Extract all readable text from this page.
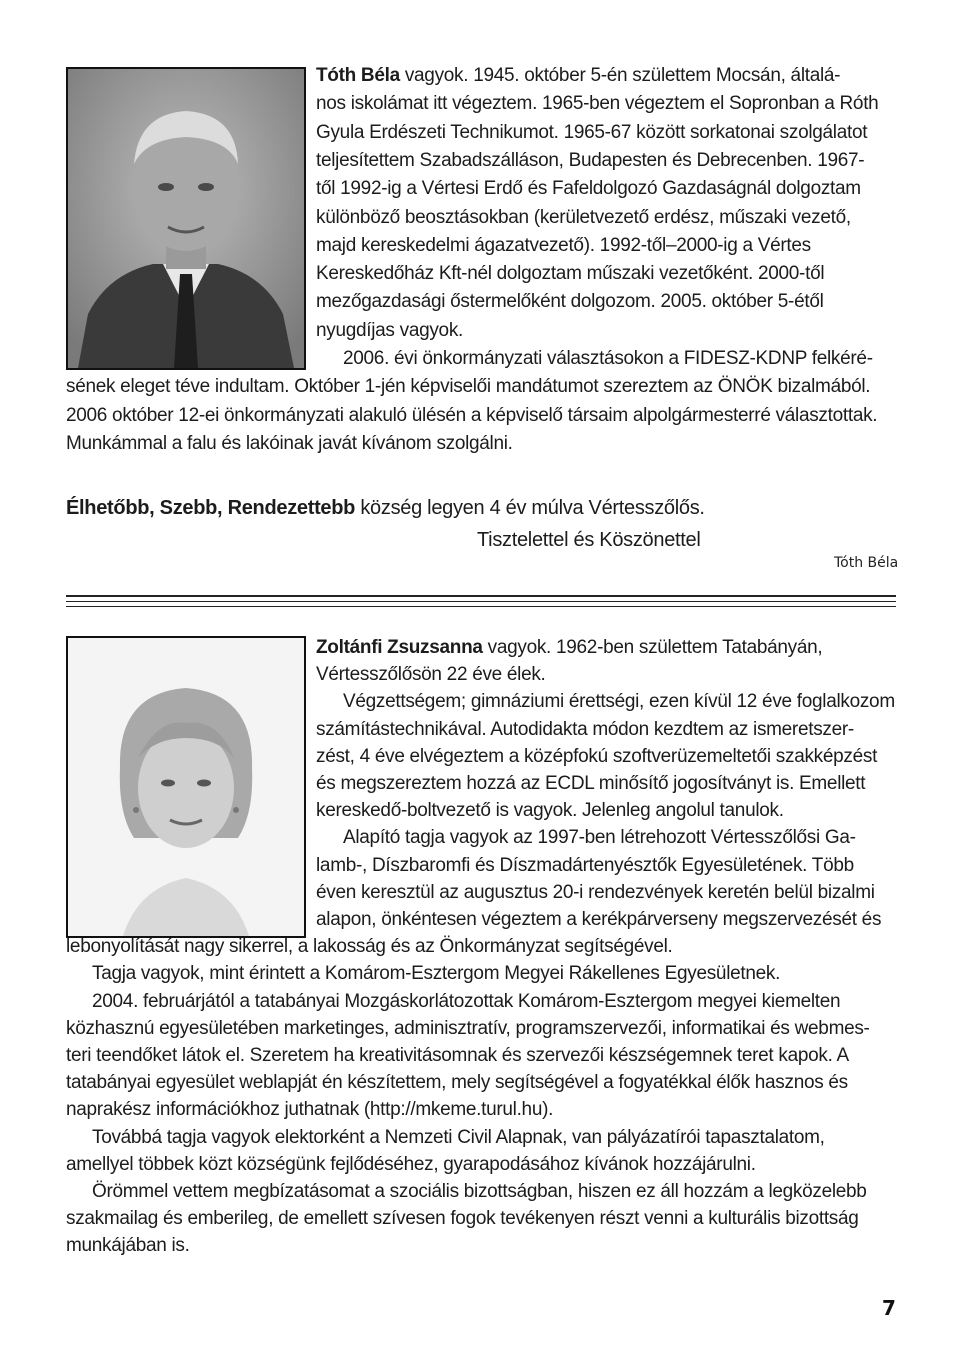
Tóth Béla vagyok. 1945. október 5-én születtem Mocsán, általá-
nos iskolámat itt végeztem. 1965-ben végeztem el Sopronban a Róth
Gyula Erdészeti Technikumot. 1965-67 között sorkatonai szolgálatot
teljesítettem Szabadszálláson, Budapesten és Debrecenben. 1967-
től 1992-ig a Vértesi Erdő és Fafeldolgozó Gazdaságnál dolgoztam
különböző beosztásokban (kerületvezető erdész, műszaki vezető,
majd kereskedelmi ágazatvezető). 1992-től–2000-ig a Vértes
Kereskedőház Kft-nél dolgoztam műszaki vezetőként. 2000-től
mezőgazdasági őstermelőként dolgozom. 2005. október 5-étől
nyugdíjas vagyok.
2006. évi önkormányzati választásokon a FIDESZ-KDNP felkéré-
sének eleget téve indultam. Október 1-jén képviselői mandátumot szereztem az ÖNÖK bizalmából.
2006 október 12-ei önkormányzati alakuló ülésén a képviselő társaim alpolgármesterré választottak.
Munkámmal a falu és lakóinak javát kívánom szolgálni.
Élhetőbb, Szebb, Rendezettebb község legyen 4 év múlva Vértesszőlős.
Tisztelettel és Köszönettel
Tóth Béla
Zoltánfi Zsuzsanna vagyok. 1962-ben születtem Tatabányán,
Vértesszőlősön 22 éve élek.
Végzettségem; gimnáziumi érettségi, ezen kívül 12 éve foglalkozom
számítástechnikával. Autodidakta módon kezdtem az ismeretszer-
zést, 4 éve elvégeztem a középfokú szoftverüzemeltetői szakképzést
és megszereztem hozzá az ECDL minősítő jogosítványt is. Emellett
kereskedő-boltvezető is vagyok. Jelenleg angolul tanulok.
Alapító tagja vagyok az 1997-ben létrehozott Vértesszőlősi Ga-
lamb-, Díszbaromfi és Díszmadártenyésztők Egyesületének. Több
éven keresztül az augusztus 20-i rendezvények keretén belül bizalmi
alapon, önkéntesen végeztem a kerékpárverseny megszervezését és
lebonyolítását nagy sikerrel, a lakosság és az Önkormányzat segítségével.
Tagja vagyok, mint érintett a Komárom-Esztergom Megyei Rákellenes Egyesületnek.
2004. februárjától a tatabányai Mozgáskorlátozottak Komárom-Esztergom megyei kiemelten
közhasznú egyesületében marketinges, adminisztratív, programszervezői, informatikai és webmes-
teri teendőket látok el. Szeretem ha kreativitásomnak és szervezői készségemnek teret kapok. A
tatabányai egyesület weblapját én készítettem, mely segítségével a fogyatékkal élők hasznos és
naprakész információkhoz juthatnak (http://mkeme.turul.hu).
Továbbá tagja vagyok elektorként a Nemzeti Civil Alapnak, van pályázatírói tapasztalatom,
amellyel többek közt községünk fejlődéséhez, gyarapodásához kívánok hozzájárulni.
Örömmel vettem megbízatásomat a szociális bizottságban, hiszen ez áll hozzám a legközelebb
szakmailag és emberileg, de emellett szívesen fogok tevékenyen részt venni a kulturális bizottság
munkájában is.
7
